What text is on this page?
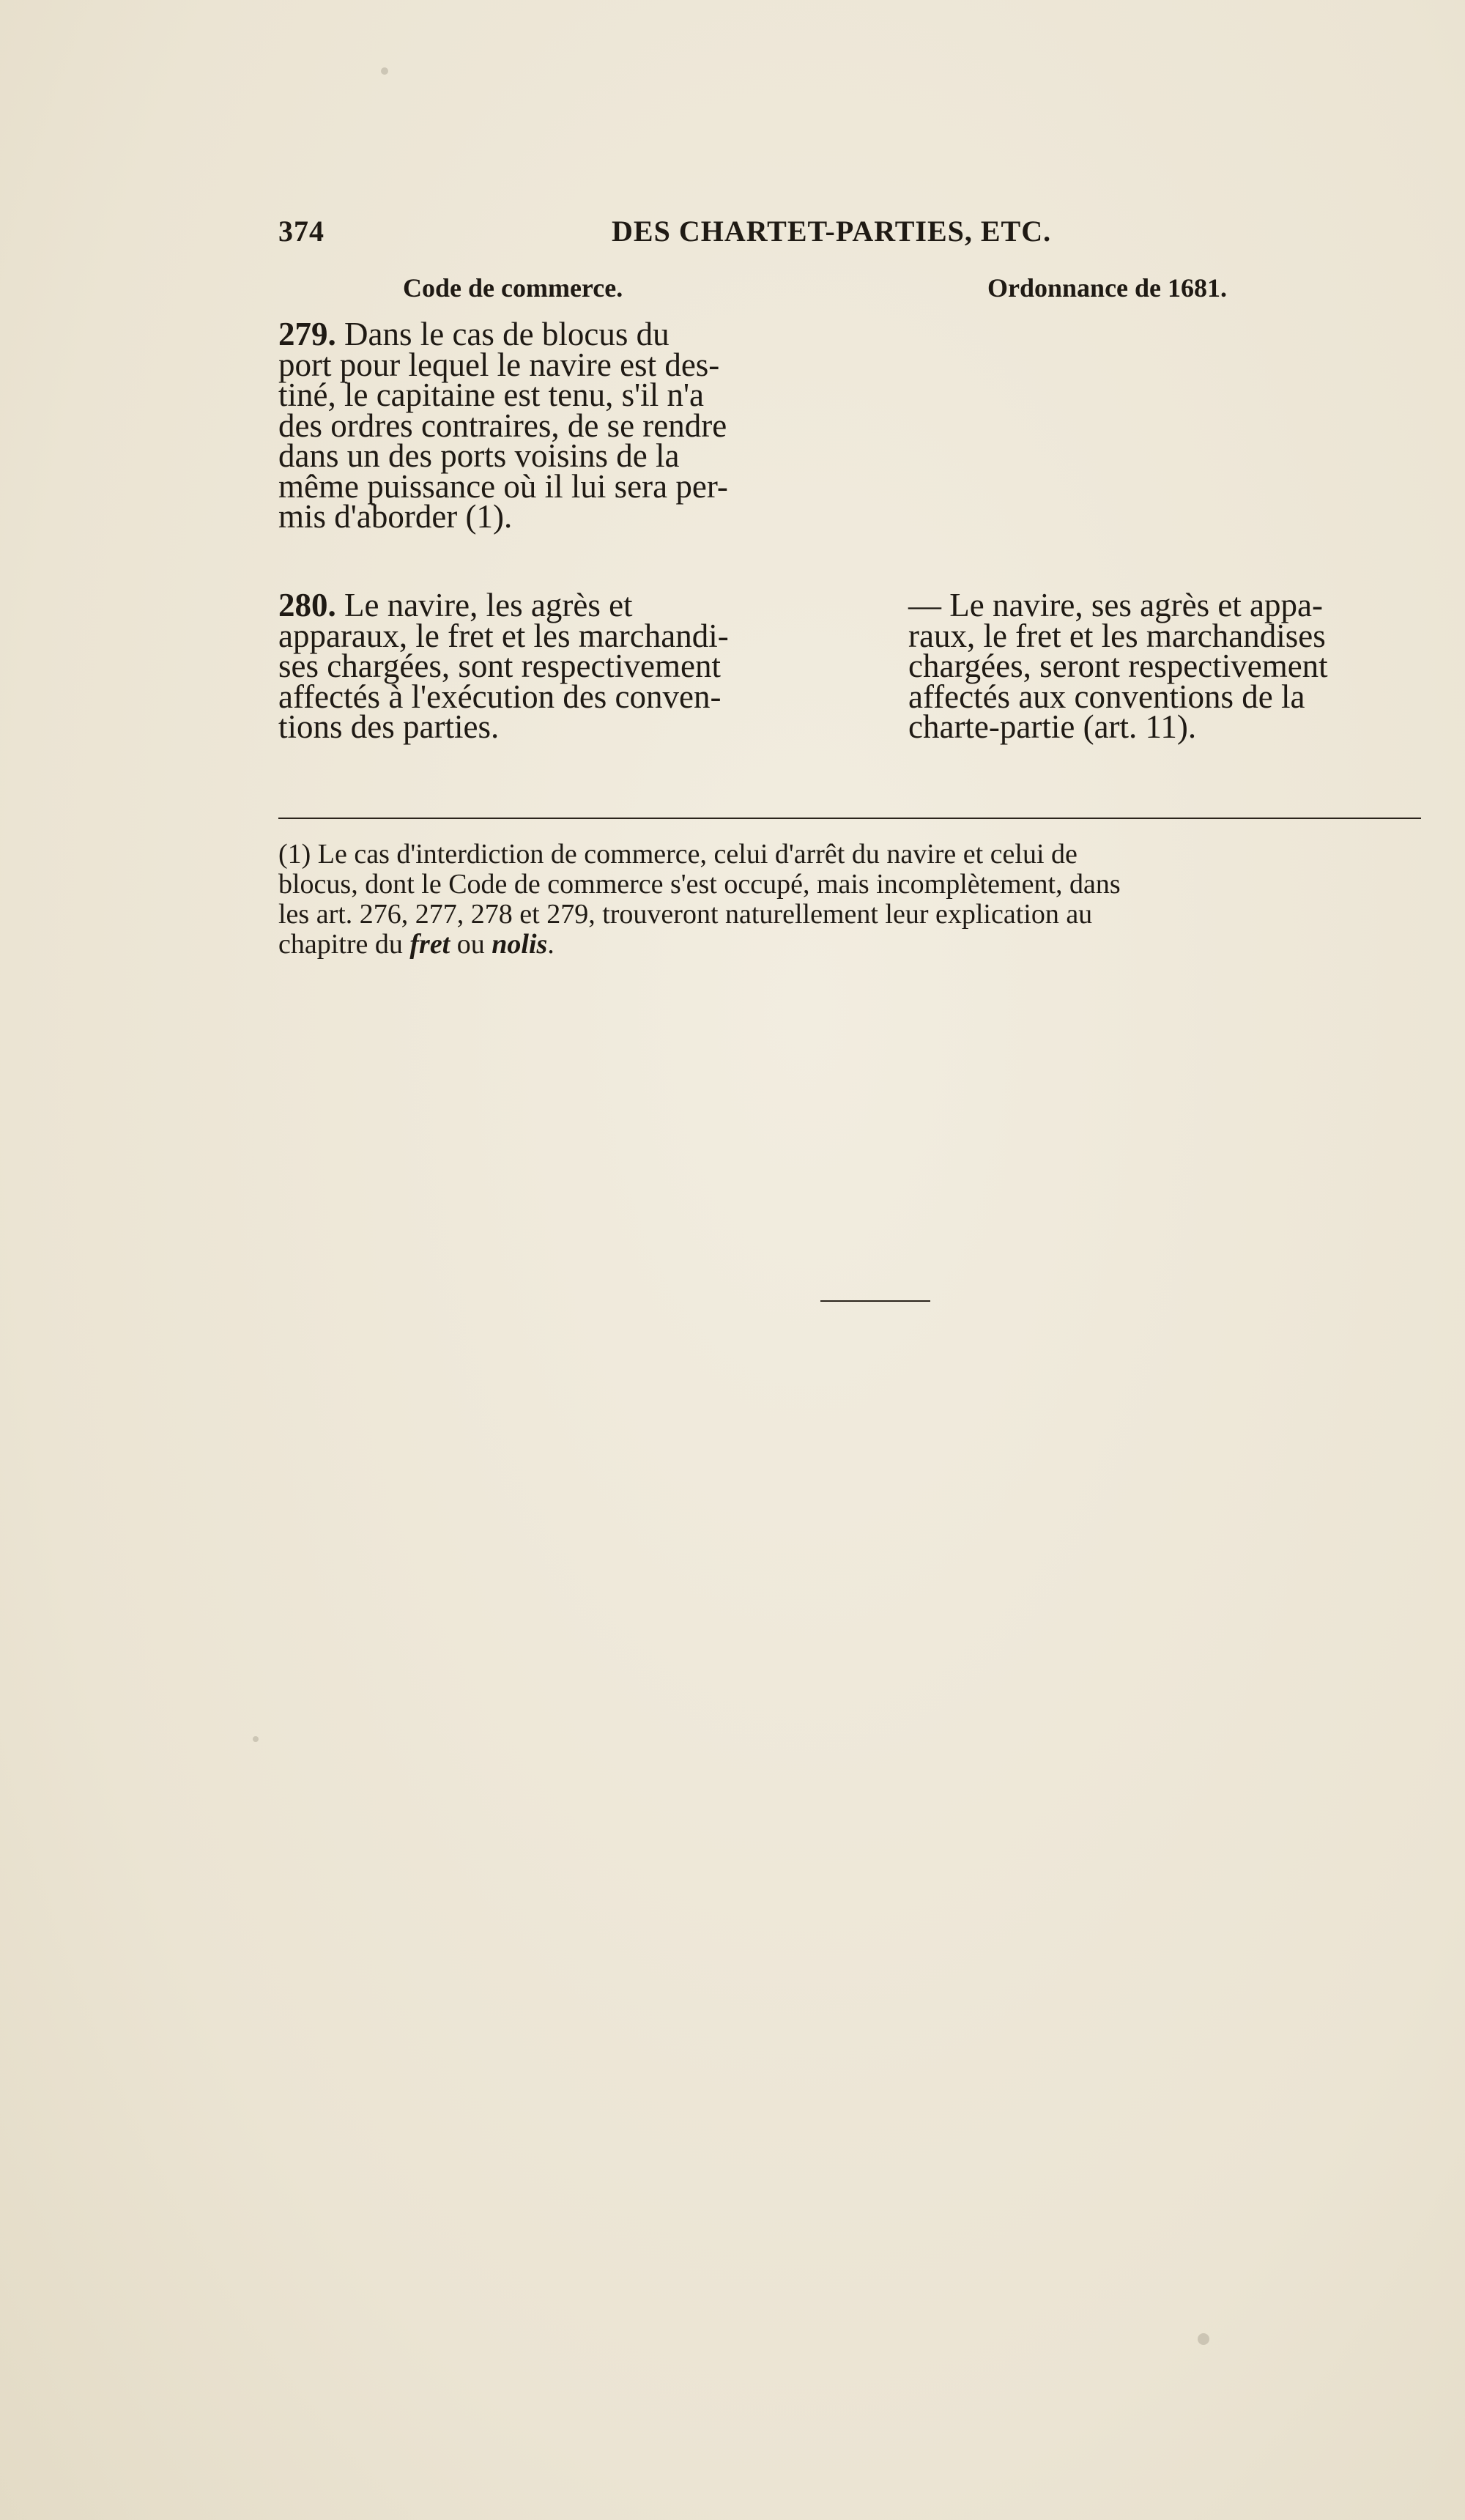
374	DES CHARTET-PARTIES, ETC.
Code de commerce.	Ordonnance de 1681.
279. Dans le cas de blocus du
port pour lequel le navire est des-
tiné, le capitaine est tenu, s'il n'a
des ordres contraires, de se rendre
dans un des ports voisins de la
même puissance où il lui sera per-
mis d'aborder (1).
280. Le navire, les agrès et
apparaux, le fret et les marchandi-
ses chargées, sont respectivement
affectés à l'exécution des conven-
tions des parties.
— Le navire, ses agrès et appa-
raux, le fret et les marchandises
chargées, seront respectivement
affectés aux conventions de la
charte-partie (art. 11).
(1) Le cas d'interdiction de commerce, celui d'arrêt du navire et celui de
blocus, dont le Code de commerce s'est occupé, mais incomplètement, dans
les art. 276, 277, 278 et 279, trouveront naturellement leur explication au
chapitre du fret ou nolis.
